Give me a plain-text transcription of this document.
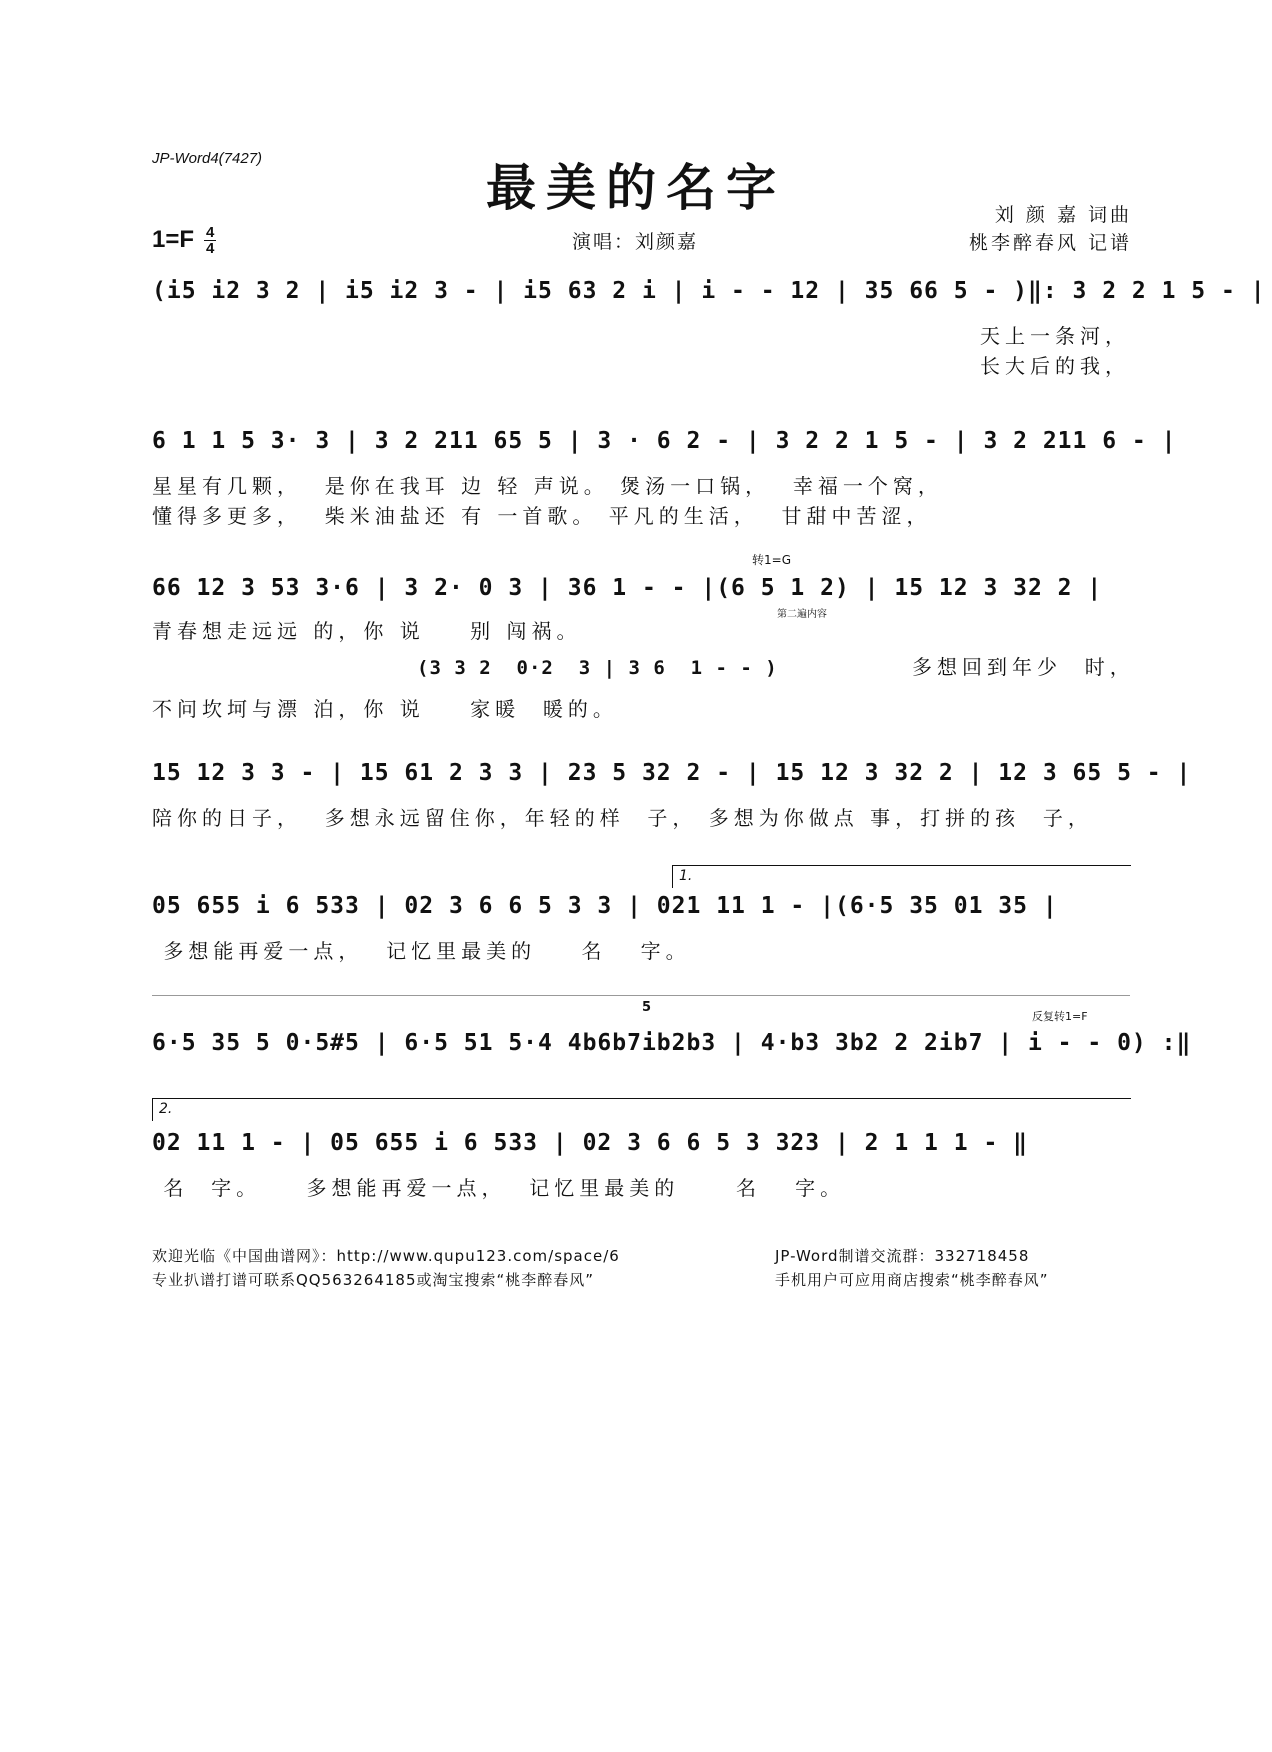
JP-Word4(7427)	最美的名字
$1=F \frac{4}{4}$	演唱：刘颜嘉
刘 颜 嘉 词曲
桃李醉春风 记谱
(i5 i2 3 2 | i5 i2 3 - | i5 63 2 i | i - - 12 | 35 66 5 - )‖: 3 2 2 1 5 - |
天上一条河，
长大后的我，
6 1 1 5 3· 3 | 3 2 211 65 5 | 3 · 6 2 - | 3 2 2 1 5 - | 3 2 211 6 - |
星星有几颗，  是你在我耳 边 轻 声说。 煲汤一口锅，  幸福一个窝，
懂得多更多，  柴米油盐还 有 一首歌。 平凡的生活，  甘甜中苦涩，
转1=G
66 12 3 53 3·6 | 3 2· 0 3 | 36 1 - - |(6 5 1 2) | 15 12 3 32 2 |
第二遍内容
青春想走远远 的，你 说    别 闯祸。
(3 3 2  0·2  3 | 3 6  1 - - )	多想回到年少  时，
不问坎坷与漂 泊，你 说    家暖  暖的。
15 12 3 3 - | 15 61 2 3 3 | 23 5 32 2 - | 15 12 3 32 2 | 12 3 65 5 - |
陪你的日子，  多想永远留住你，年轻的样  子， 多想为你做点 事，打拼的孩  子，
1.
05 655 i 6 533 | 02 3 6 6 5 3 3 | 021 11 1 - |(6·5 35 01 35 |
多想能再爱一点，  记忆里最美的    名   字。
5
反复转1=F
6·5 35 5 0·5#5 | 6·5 51 5·4 4b6b7ib2b3 | 4·b3 3b2 2 2ib7 | i - - 0) :‖
2.
02 11 1 - | 05 655 i 6 533 | 02 3 6 6 5 3 323 | 2 1 1 1 - ‖
名  字。    多想能再爱一点，  记忆里最美的     名   字。
欢迎光临《中国曲谱网》：http://www.qupu123.com/space/6
专业扒谱打谱可联系QQ563264185或淘宝搜索“桃李醉春风”
JP-Word制谱交流群：332718458
手机用户可应用商店搜索“桃李醉春风”
